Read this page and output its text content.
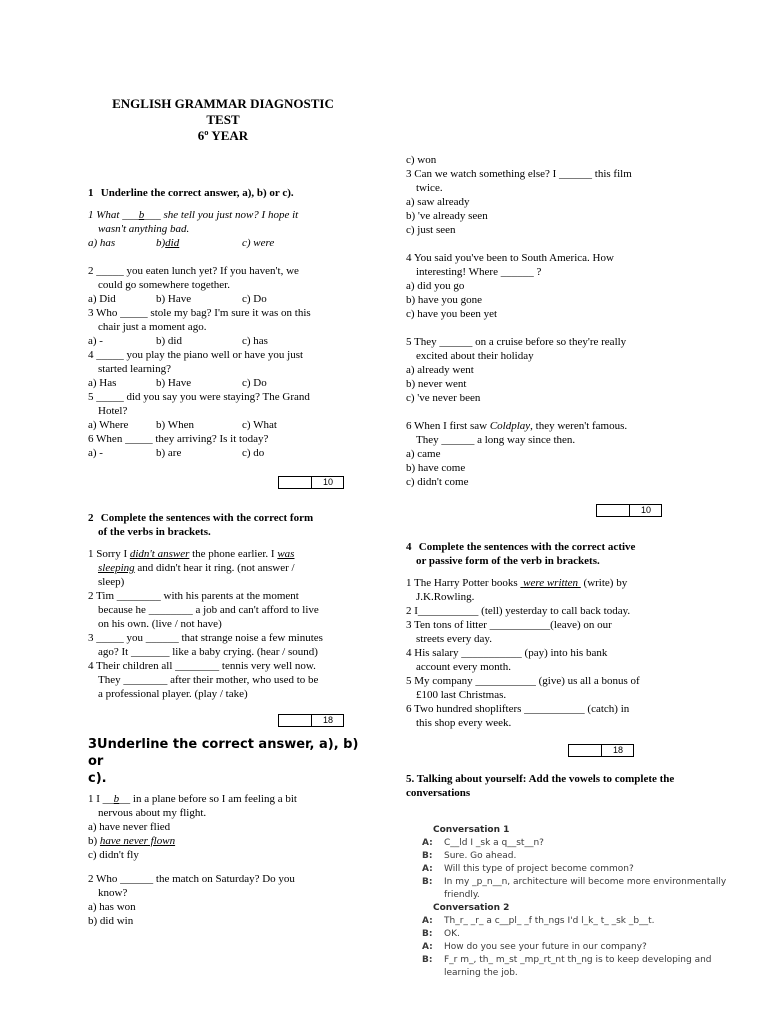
ENGLISH GRAMMAR DIAGNOSTIC
TEST
6º YEAR
1 Underline the correct answer, a), b) or c).
1 What ___b___ she tell you just now? I hope it
wasn't anything bad.
a) has	b)did	c) were
2 _____ you eaten lunch yet? If you haven't, we
could go somewhere together.
a) Did	b) Have	c) Do
3 Who _____ stole my bag? I'm sure it was on this
chair just a moment ago.
a) -	b) did	c) has
4 _____ you play the piano well or have you just
started learning?
a) Has	b) Have	c) Do
5 _____ did you say you were staying? The Grand
Hotel?
a) Where	b) When	c) What
6 When _____ they arriving? Is it today?
a) -	b) are	c) do
10
2 Complete the sentences with the correct form
of the verbs in brackets.
1 Sorry I didn't answer the phone earlier. I was
sleeping and didn't hear it ring. (not answer /
sleep)
2 Tim ________ with his parents at the moment
because he ________ a job and can't afford to live
on his own. (live / not have)
3 _____ you ______ that strange noise a few minutes
ago? It _______ like a baby crying. (hear / sound)
4 Their children all ________ tennis very well now.
They ________ after their mother, who used to be
a professional player. (play / take)
18
3Underline the correct answer, a), b) or
c).
1 I __b__ in a plane before so I am feeling a bit
nervous about my flight.
a) have never flied
b) have never flown
c) didn't fly
2 Who ______ the match on Saturday? Do you
know?
a) has won
b) did win
c) won
3 Can we watch something else? I ______ this film
twice.
a) saw already
b) 've already seen
c) just seen
4 You said you've been to South America. How
interesting! Where ______ ?
a) did you go
b) have you gone
c) have you been yet
5 They ______ on a cruise before so they're really
excited about their holiday
a) already went
b) never went
c) 've never been
6 When I first saw Coldplay, they weren't famous.
They ______ a long way since then.
a) came
b) have come
c) didn't come
10
4 Complete the sentences with the correct active
or passive form of the verb in brackets.
1 The Harry Potter books  were written  (write) by
J.K.Rowling.
2 I___________ (tell) yesterday to call back today.
3 Ten tons of litter ___________(leave) on our
streets every day.
4 His salary ___________ (pay) into his bank
account every month.
5 My company ___________ (give) us all a bonus of
£100 last Christmas.
6 Two hundred shoplifters ___________ (catch) in
this shop every week.
18
5. Talking about yourself: Add the vowels to complete the
conversations
Conversation 1
A: C__ld I _sk a q__st__n?
B: Sure. Go ahead.
A: Will this type of project become common?
B: In my _p_n__n, architecture will become more environmentally friendly.
Conversation 2
A: Th_r_ _r_ a c__pl_ _f th_ngs I'd l_k_ t_ _sk _b__t.
B: OK.
A: How do you see your future in our company?
B: F_r m_, th_ m_st _mp_rt_nt th_ng is to keep developing and learning the job.
